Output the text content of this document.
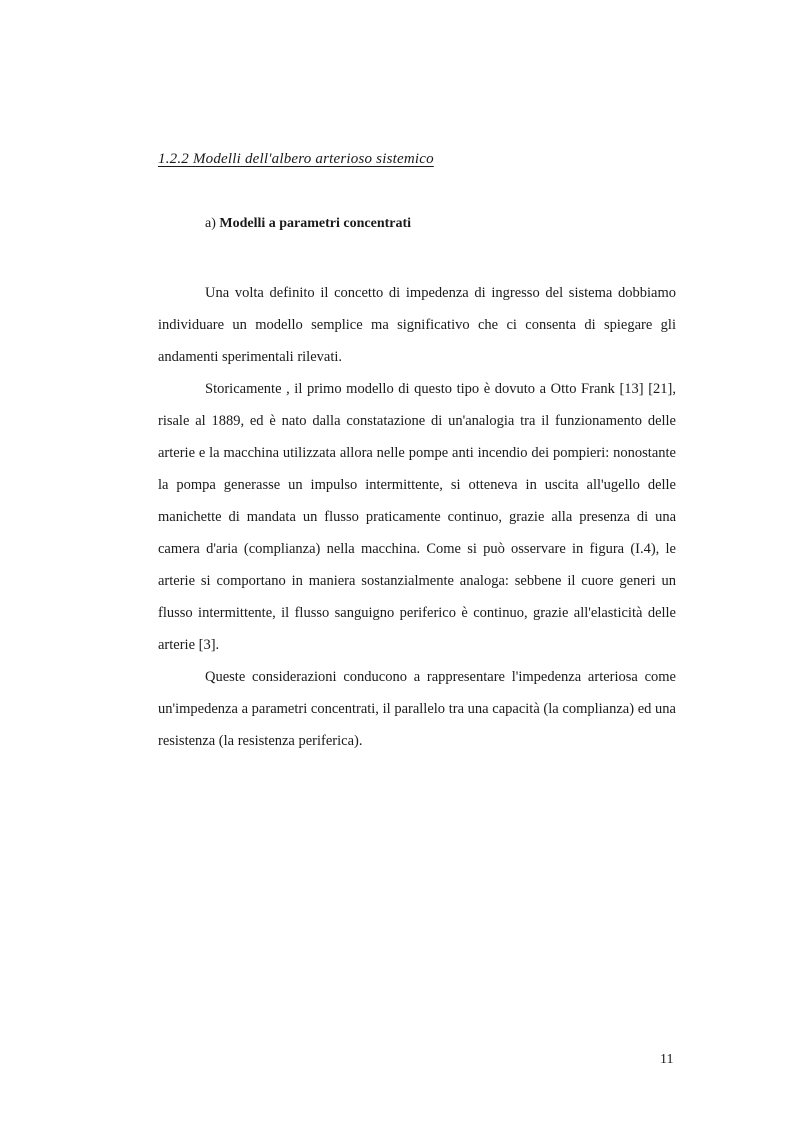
1.2.2 Modelli dell'albero arterioso sistemico
a) Modelli a parametri concentrati

Una volta definito il concetto di impedenza di ingresso del sistema dobbiamo individuare un modello semplice ma significativo che ci consenta di spiegare gli andamenti sperimentali rilevati.

Storicamente , il primo modello di questo tipo è dovuto a Otto Frank [13] [21], risale al 1889, ed è nato dalla constatazione di un'analogia tra il funzionamento delle arterie e la macchina utilizzata allora nelle pompe anti incendio dei pompieri: nonostante la pompa generasse un impulso intermittente, si otteneva in uscita all'ugello delle manichette di mandata un flusso praticamente continuo, grazie alla presenza di una camera d'aria (complianza) nella macchina. Come si può osservare in figura (I.4), le arterie si comportano in maniera sostanzialmente analoga: sebbene il cuore generi un flusso intermittente, il flusso sanguigno periferico è continuo, grazie all'elasticità delle arterie [3].

Queste considerazioni conducono a rappresentare l'impedenza arteriosa come un'impedenza a parametri concentrati, il parallelo tra una capacità (la complianza) ed una resistenza (la resistenza periferica).

11
